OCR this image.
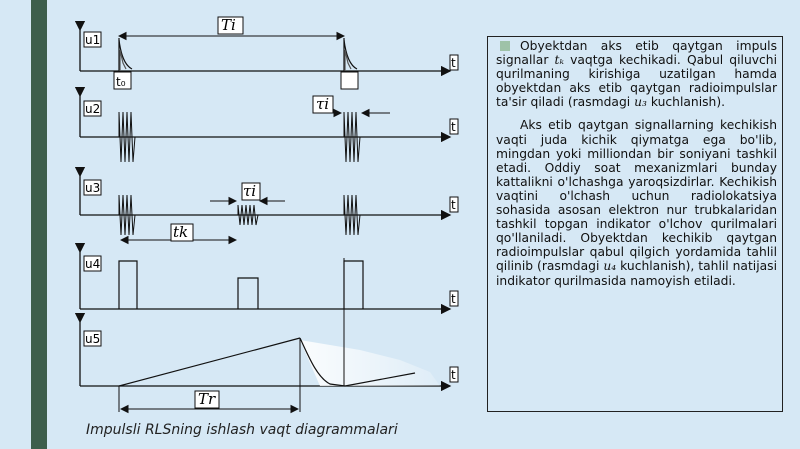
u1
u2
u3
u4
u5
t
t
t
t
t
t₀
Ti
τi
τi
tk
Tr
Impulsli RLSning ishlash vaqt diagrammalari

Obyektdan aks etib qaytgan impuls signallar tₖ vaqtga kechikadi. Qabul qiluvchi qurilmaning kirishiga uzatilgan hamda obyektdan aks etib qaytgan radioimpulslar ta'sir qiladi (rasmdagi u₃ kuchlanish).

Aks etib qaytgan signallarning kechikish vaqti juda kichik qiymatga ega bo'lib, mingdan yoki milliondan bir soniyani tashkil etadi. Oddiy soat mexanizmlari bunday kattalikni o'lchashga yaroqsizdirlar. Kechikish vaqtini o'lchash uchun radiolokatsiya sohasida asosan elektron nur trubkalaridan tashkil topgan indikator o'lchov qurilmalari qo'llaniladi. Obyektdan kechikib qaytgan radioimpulslar qabul qilgich yordamida tahlil qilinib (rasmdagi u₄ kuchlanish), tahlil natijasi indikator qurilmasida namoyish etiladi.
